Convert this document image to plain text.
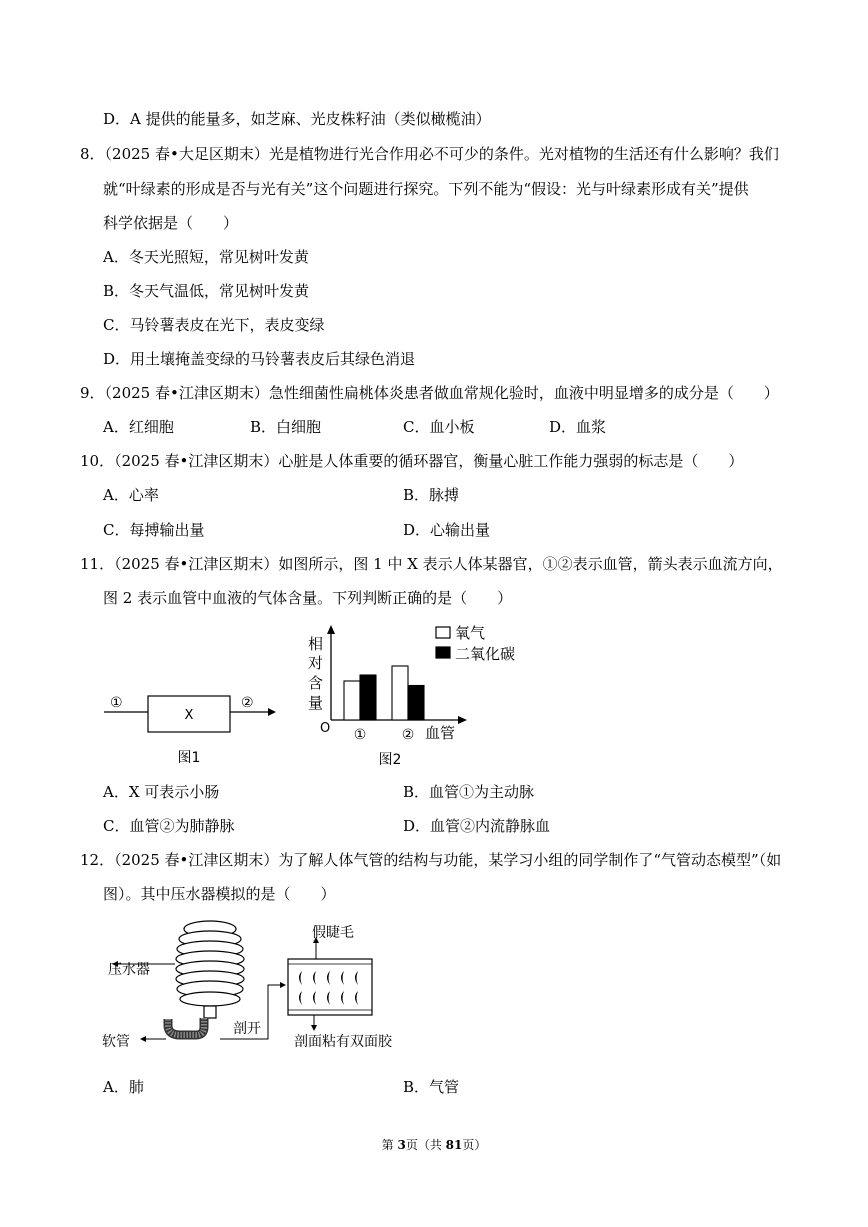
D．A 提供的能量多，如芝麻、光皮株籽油（类似橄榄油）
8．（2025 春•大足区期末）光是植物进行光合作用必不可少的条件。光对植物的生活还有什么影响？我们
就“叶绿素的形成是否与光有关”这个问题进行探究。下列不能为“假设：光与叶绿素形成有关”提供
科学依据是（　　）
A．冬天光照短，常见树叶发黄
B．冬天气温低，常见树叶发黄
C．马铃薯表皮在光下，表皮变绿
D．用土壤掩盖变绿的马铃薯表皮后其绿色消退
9．（2025 春•江津区期末）急性细菌性扁桃体炎患者做血常规化验时，血液中明显增多的成分是（　　）
A．红细胞	B．白细胞	C．血小板	D．血浆
10．（2025 春•江津区期末）心脏是人体重要的循环器官，衡量心脏工作能力强弱的标志是（　　）
A．心率	B．脉搏
C．每搏输出量	D．心输出量
11．（2025 春•江津区期末）如图所示，图 1 中 X 表示人体某器官，①②表示血管，箭头表示血流方向，
图 2 表示血管中血液的气体含量。下列判断正确的是（　　）
①
X
②
图1
相
对
含
量
O ①	② 血管
氧气
二氧化碳
图2
A．X 可表示小肠	B．血管①为主动脉
C．血管②为肺静脉	D．血管②内流静脉血
12．（2025 春•江津区期末）为了解人体气管的结构与功能，某学习小组的同学制作了“气管动态模型”（如
图）。其中压水器模拟的是（　　）
压水器
软管
剖开
假睫毛
剖面粘有双面胶
A．肺	B．气管
第 3页（共 81页）
